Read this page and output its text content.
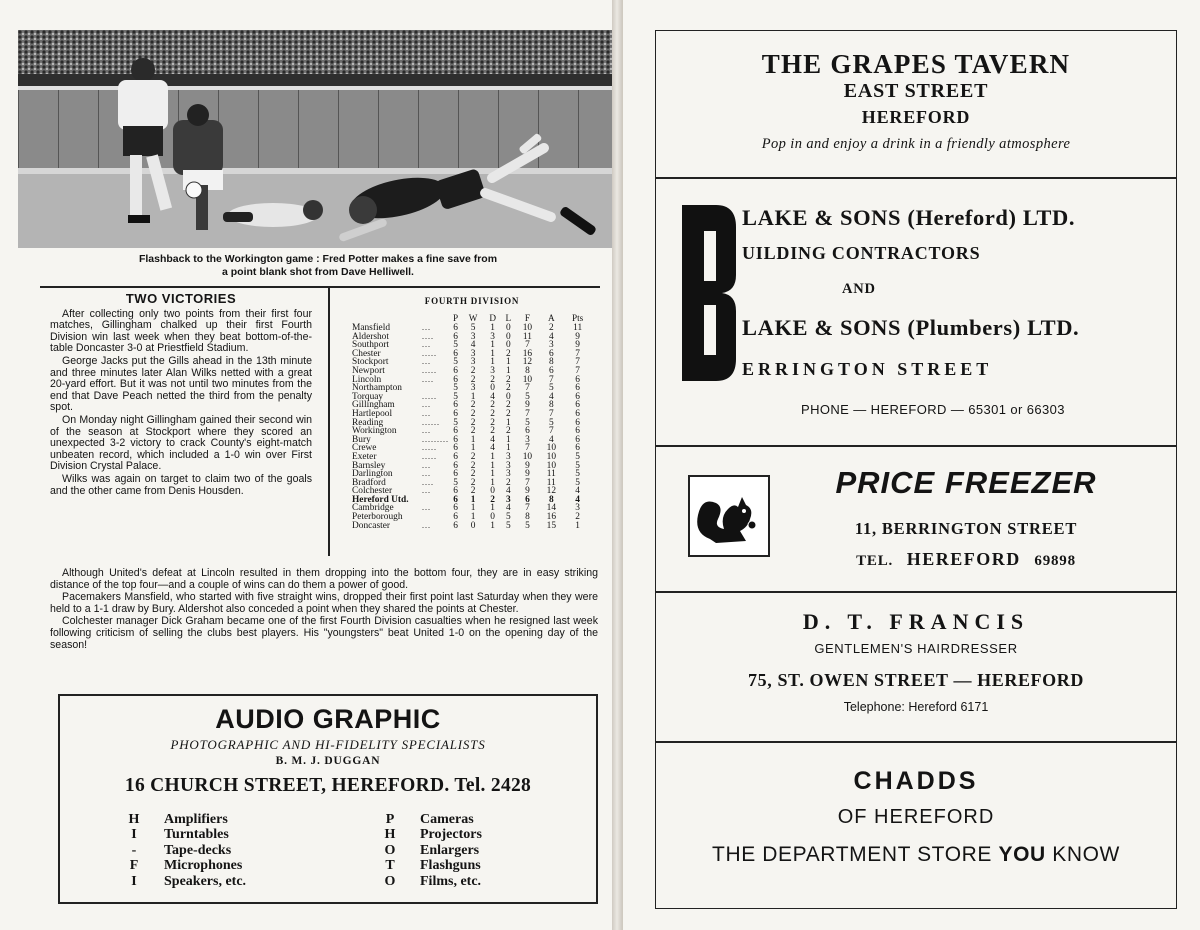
Flashback to the Workington game : Fred Potter makes a fine save from
a point blank shot from Dave Helliwell.
TWO VICTORIES

After collecting only two points from their first four matches, Gillingham chalked up their first Fourth Division win last week when they beat bottom-of-the-table Doncaster 3-0 at Priestfield Stadium.

George Jacks put the Gills ahead in the 13th minute and three minutes later Alan Wilks netted with a great 20-yard effort. But it was not until two minutes from the end that Dave Peach netted the third from the penalty spot.

On Monday night Gillingham gained their second win of the season at Stockport where they scored an unexpected 3-2 victory to crack County's eight-match unbeaten record, which included a 1-0 win over First Division Crystal Palace.

Wilks was again on target to claim two of the goals and the other came from Denis Housden.

Although United's defeat at Lincoln resulted in them dropping into the bottom four, they are in easy striking distance of the top four—and a couple of wins can do them a power of good.

Pacemakers Mansfield, who started with five straight wins, dropped their first point last Saturday when they were held to a 1-1 draw by Bury. Aldershot also conceded a point when they shared the points at Chester.

Colchester manager Dick Graham became one of the first Fourth Division casualties when he resigned last week following criticism of selling the clubs best players. His "youngsters" beat United 1-0 on the opening day of the season!

FOURTH DIVISION
		P	W	D	L	F	A	Pts
Mansfield	...	6	5	1	0	10	2	11
Aldershot	....	6	3	3	0	11	4	9
Southport	...	5	4	1	0	7	3	9
Chester	.....	6	3	1	2	16	6	7
Stockport	...	5	3	1	1	12	8	7
Newport	.....	6	2	3	1	8	6	7
Lincoln	....	6	2	2	2	10	7	6
Northampton		5	3	0	2	7	5	6
Torquay	.....	5	1	4	0	5	4	6
Gillingham	...	6	2	2	2	9	8	6
Hartlepool	...	6	2	2	2	7	7	6
Reading	......	5	2	2	1	5	5	6
Workington	...	6	2	2	2	6	7	6
Bury	.........	6	1	4	1	3	4	6
Crewe	.....	6	1	4	1	7	10	6
Exeter	.....	6	2	1	3	10	10	5
Barnsley	...	6	2	1	3	9	10	5
Darlington	...	6	2	1	3	9	11	5
Bradford	....	5	2	1	2	7	11	5
Colchester	...	6	2	0	4	9	12	4
Hereford Utd.		6	1	2	3	6	8	4
Cambridge	...	6	1	1	4	7	14	3
Peterborough		6	1	0	5	8	16	2
Doncaster	...	6	0	1	5	5	15	1
AUDIO GRAPHIC
PHOTOGRAPHIC AND HI-FIDELITY SPECIALISTS
B. M. J. DUGGAN
16 CHURCH STREET, HEREFORD. Tel. 2428
H Amplifiers
I Turntables
- Tape-decks
F Microphones
I Speakers, etc.
P Cameras
H Projectors
O Enlargers
T Flashguns
O Films, etc.
THE GRAPES TAVERN
EAST STREET
HEREFORD
Pop in and enjoy a drink in a friendly atmosphere
LAKE & SONS (Hereford) LTD.
UILDING CONTRACTORS
AND
LAKE & SONS (Plumbers) LTD.
ERRINGTON STREET
PHONE — HEREFORD — 65301 or 66303
PRICE FREEZER
11, BERRINGTON STREET
TEL. HEREFORD 69898
D. T. FRANCIS
GENTLEMEN'S HAIRDRESSER
75, ST. OWEN STREET — HEREFORD
Telephone: Hereford 6171
CHADDS
OF HEREFORD
THE DEPARTMENT STORE YOU KNOW
